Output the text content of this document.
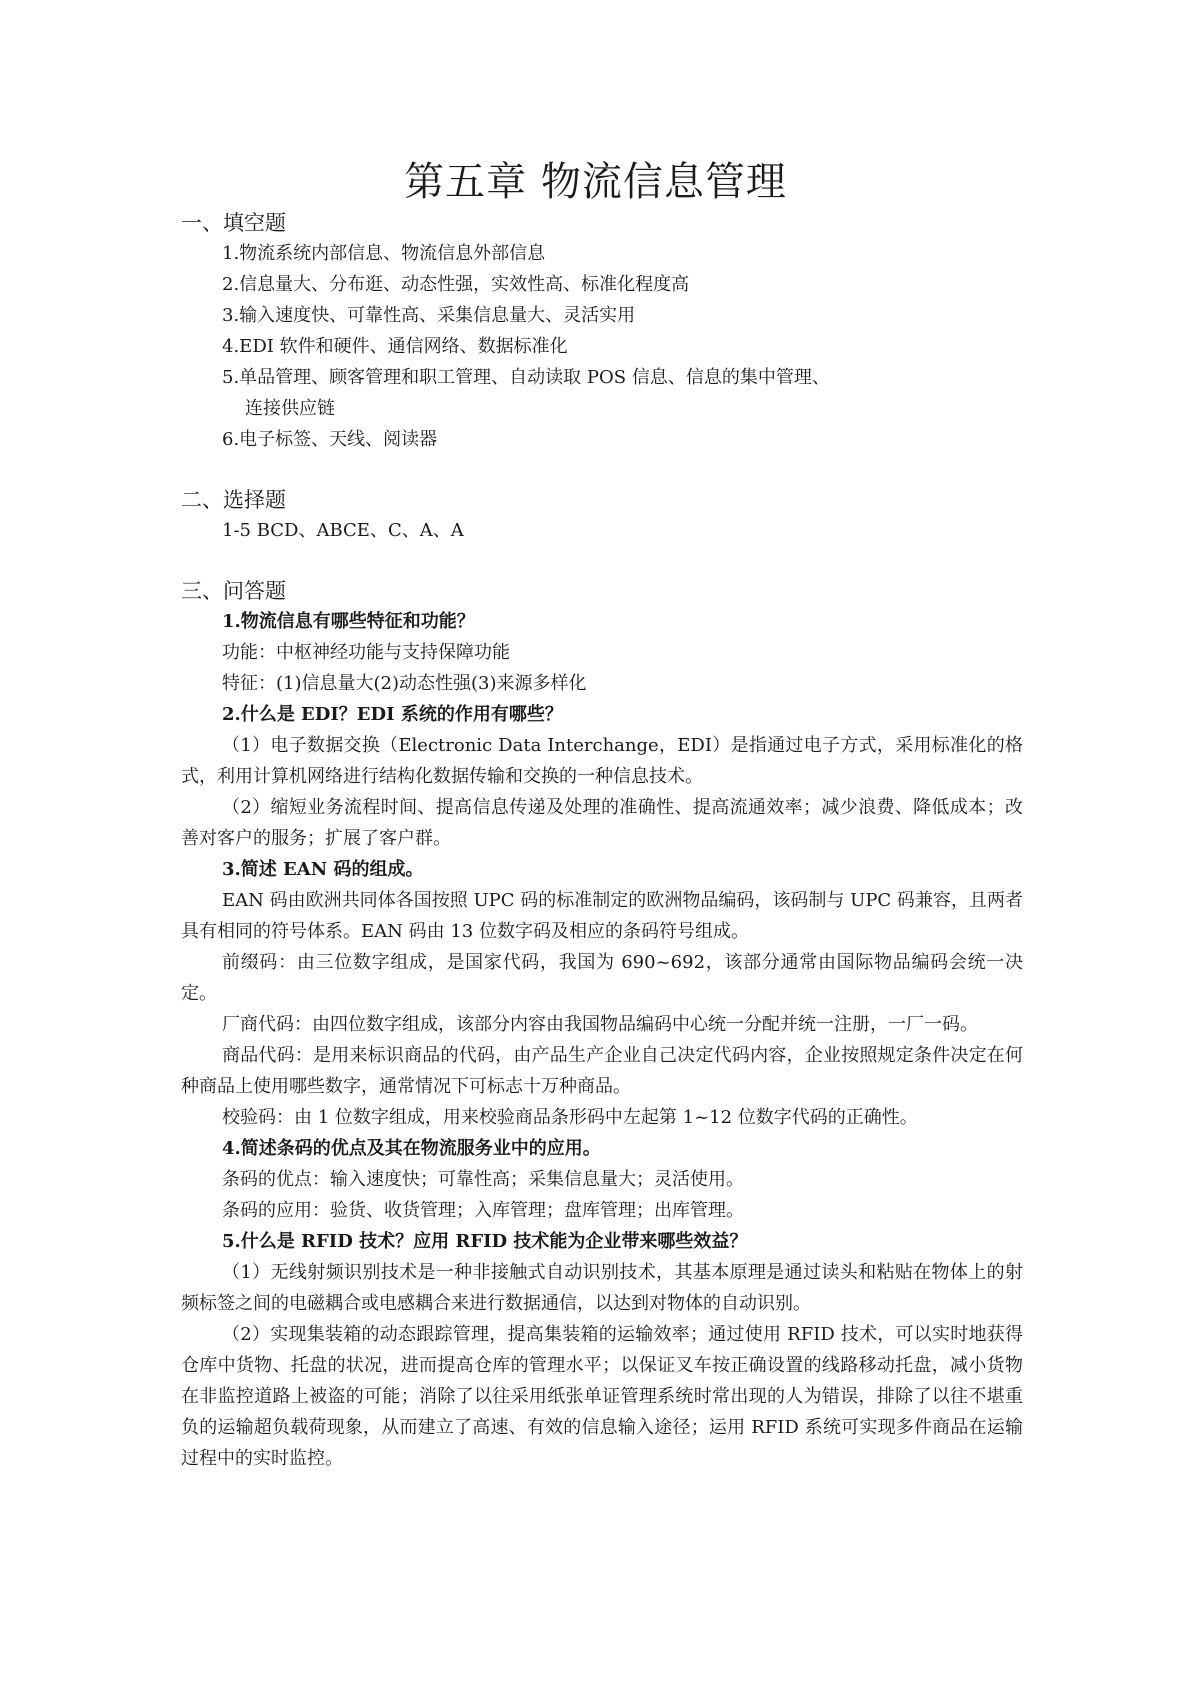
第五章 物流信息管理
一、填空题

1.物流系统内部信息、物流信息外部信息

2.信息量大、分布逛、动态性强，实效性高、标准化程度高

3.输入速度快、可靠性高、采集信息量大、灵活实用

4.EDI 软件和硬件、通信网络、数据标准化

5.单品管理、顾客管理和职工管理、自动读取 POS 信息、信息的集中管理、

连接供应链

6.电子标签、天线、阅读器

二、选择题

1-5 BCD、ABCE、C、A、A

三、问答题

1.物流信息有哪些特征和功能？

功能：中枢神经功能与支持保障功能

特征：(1)信息量大(2)动态性强(3)来源多样化

2.什么是 EDI？EDI 系统的作用有哪些？

（1）电子数据交换（Electronic Data Interchange，EDI）是指通过电子方式，采用标准化的格式，利用计算机网络进行结构化数据传输和交换的一种信息技术。

（2）缩短业务流程时间、提高信息传递及处理的准确性、提高流通效率；减少浪费、降低成本；改善对客户的服务；扩展了客户群。

3.简述 EAN 码的组成。

EAN 码由欧洲共同体各国按照 UPC 码的标准制定的欧洲物品编码，该码制与 UPC 码兼容，且两者具有相同的符号体系。EAN 码由 13 位数字码及相应的条码符号组成。

前缀码：由三位数字组成，是国家代码，我国为 690~692，该部分通常由国际物品编码会统一决定。

厂商代码：由四位数字组成，该部分内容由我国物品编码中心统一分配并统一注册，一厂一码。

商品代码：是用来标识商品的代码，由产品生产企业自己决定代码内容，企业按照规定条件决定在何种商品上使用哪些数字，通常情况下可标志十万种商品。

校验码：由 1 位数字组成，用来校验商品条形码中左起第 1~12 位数字代码的正确性。

4.简述条码的优点及其在物流服务业中的应用。

条码的优点：输入速度快；可靠性高；采集信息量大；灵活使用。

条码的应用：验货、收货管理；入库管理；盘库管理；出库管理。

5.什么是 RFID 技术？应用 RFID 技术能为企业带来哪些效益？

（1）无线射频识别技术是一种非接触式自动识别技术，其基本原理是通过读头和粘贴在物体上的射频标签之间的电磁耦合或电感耦合来进行数据通信，以达到对物体的自动识别。

（2）实现集装箱的动态跟踪管理，提高集装箱的运输效率；通过使用 RFID 技术，可以实时地获得仓库中货物、托盘的状况，进而提高仓库的管理水平；以保证叉车按正确设置的线路移动托盘，减小货物在非监控道路上被盗的可能；消除了以往采用纸张单证管理系统时常出现的人为错误，排除了以往不堪重负的运输超负载荷现象，从而建立了高速、有效的信息输入途径；运用 RFID 系统可实现多件商品在运输过程中的实时监控。
